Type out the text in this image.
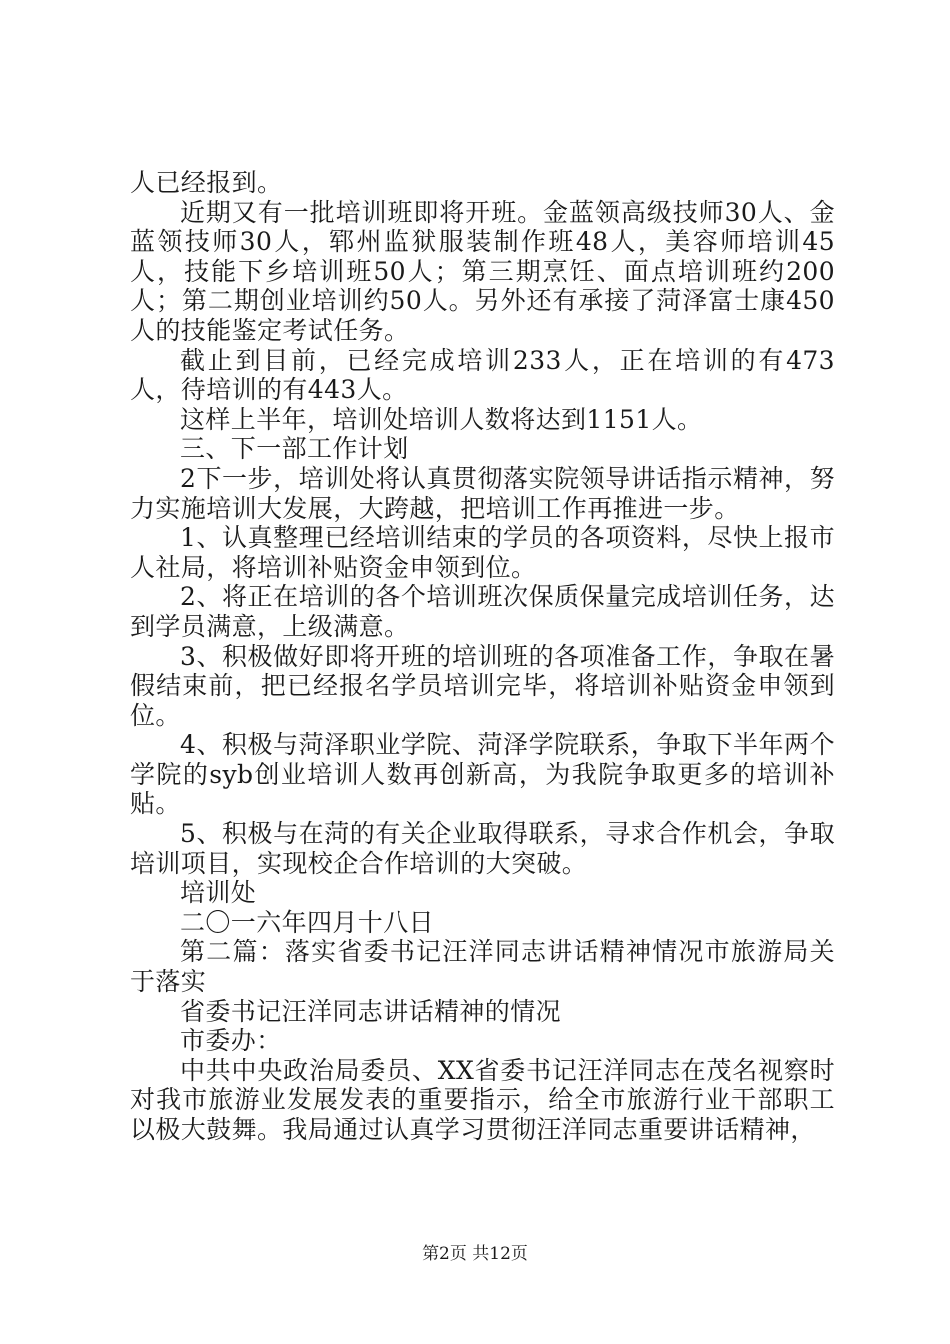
人已经报到。

近期又有一批培训班即将开班。金蓝领高级技师30人、金蓝领技师30人，郓州监狱服装制作班48人，美容师培训45人，技能下乡培训班50人；第三期烹饪、面点培训班约200人；第二期创业培训约50人。另外还有承接了菏泽富士康450人的技能鉴定考试任务。

截止到目前，已经完成培训233人，正在培训的有473人，待培训的有443人。

这样上半年，培训处培训人数将达到1151人。

三、下一部工作计划

2下一步，培训处将认真贯彻落实院领导讲话指示精神，努力实施培训大发展，大跨越，把培训工作再推进一步。

1、认真整理已经培训结束的学员的各项资料，尽快上报市人社局，将培训补贴资金申领到位。

2、将正在培训的各个培训班次保质保量完成培训任务，达到学员满意，上级满意。

3、积极做好即将开班的培训班的各项准备工作，争取在暑假结束前，把已经报名学员培训完毕，将培训补贴资金申领到位。

4、积极与菏泽职业学院、菏泽学院联系，争取下半年两个学院的syb创业培训人数再创新高，为我院争取更多的培训补贴。

5、积极与在菏的有关企业取得联系，寻求合作机会，争取培训项目，实现校企合作培训的大突破。

培训处

二〇一六年四月十八日

第二篇：落实省委书记汪洋同志讲话精神情况市旅游局关于落实

省委书记汪洋同志讲话精神的情况

市委办：

中共中央政治局委员、XX省委书记汪洋同志在茂名视察时对我市旅游业发展发表的重要指示，给全市旅游行业干部职工以极大鼓舞。我局通过认真学习贯彻汪洋同志重要讲话精神，

第2页 共12页
